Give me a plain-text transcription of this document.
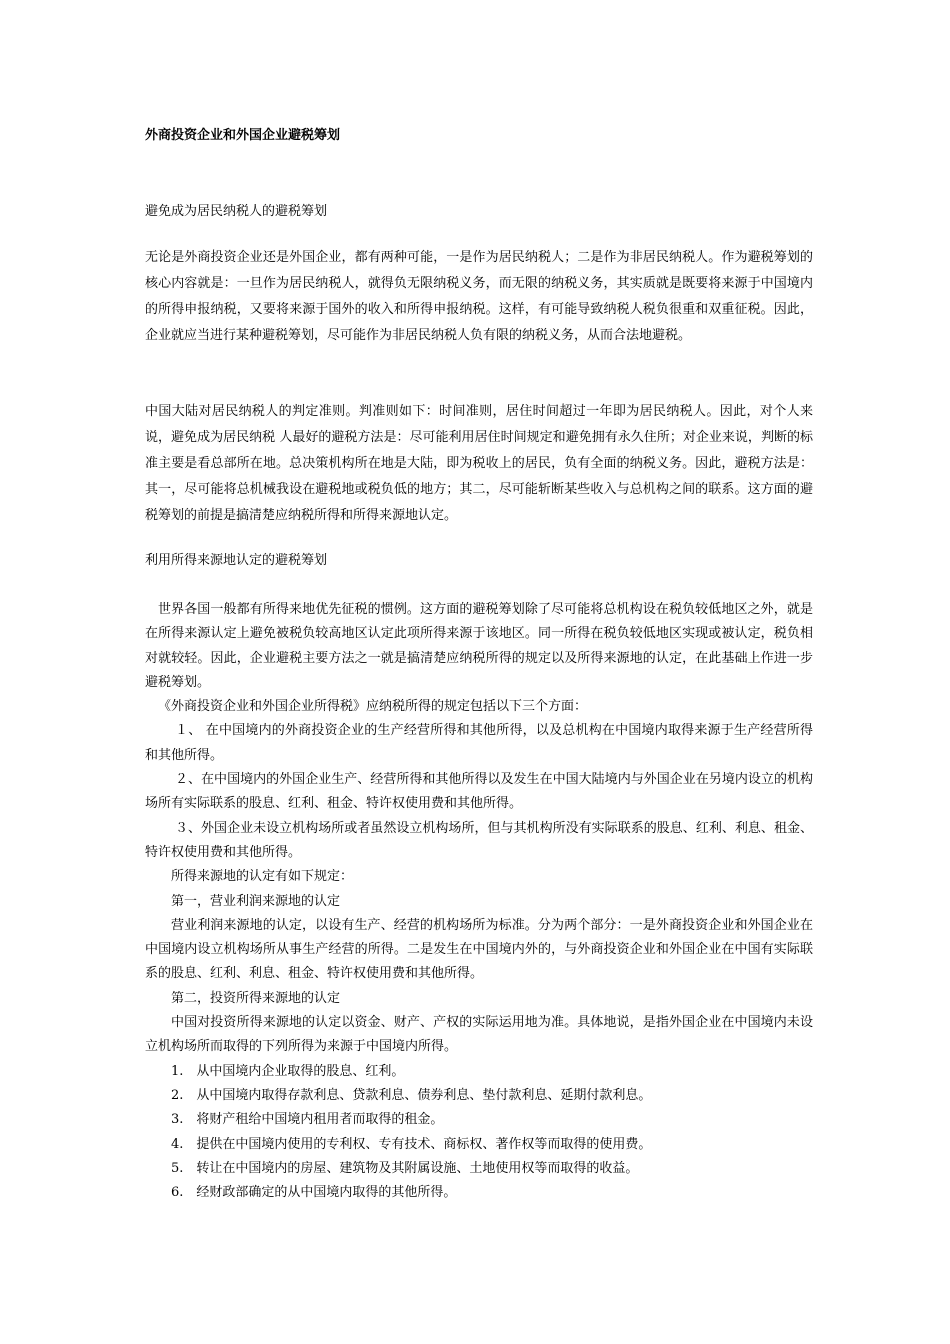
外商投资企业和外国企业避税筹划
避免成为居民纳税人的避税筹划
无论是外商投资企业还是外国企业，都有两种可能，一是作为居民纳税人；二是作为非居民纳税人。作为避税筹划的核心内容就是：一旦作为居民纳税人，就得负无限纳税义务，而无限的纳税义务，其实质就是既要将来源于中国境内的所得申报纳税，又要将来源于国外的收入和所得申报纳税。这样，有可能导致纳税人税负很重和双重征税。因此，企业就应当进行某种避税筹划，尽可能作为非居民纳税人负有限的纳税义务，从而合法地避税。
中国大陆对居民纳税人的判定准则。判准则如下：时间准则，居住时间超过一年即为居民纳税人。因此，对个人来说，避免成为居民纳税 人最好的避税方法是：尽可能利用居住时间规定和避免拥有永久住所；对企业来说，判断的标准主要是看总部所在地。总决策机构所在地是大陆，即为税收上的居民，负有全面的纳税义务。因此，避税方法是：其一，尽可能将总机械我设在避税地或税负低的地方；其二，尽可能斩断某些收入与总机构之间的联系。这方面的避税筹划的前提是搞清楚应纳税所得和所得来源地认定。
利用所得来源地认定的避税筹划

世界各国一般都有所得来地优先征税的惯例。这方面的避税筹划除了尽可能将总机构设在税负较低地区之外，就是在所得来源认定上避免被税负较高地区认定此项所得来源于该地区。同一所得在税负较低地区实现或被认定，税负相对就较轻。因此，企业避税主要方法之一就是搞清楚应纳税所得的规定以及所得来源地的认定，在此基础上作进一步避税筹划。

《外商投资企业和外国企业所得税》应纳税所得的规定包括以下三个方面：

１、 在中国境内的外商投资企业的生产经营所得和其他所得，以及总机构在中国境内取得来源于生产经营所得和其他所得。

２、在中国境内的外国企业生产、经营所得和其他所得以及发生在中国大陆境内与外国企业在另境内设立的机构场所有实际联系的股息、红利、租金、特许权使用费和其他所得。

３、外国企业未设立机构场所或者虽然设立机构场所，但与其机构所没有实际联系的股息、红利、利息、租金、特许权使用费和其他所得。

所得来源地的认定有如下规定：

第一，营业利润来源地的认定

营业利润来源地的认定，以设有生产、经营的机构场所为标准。分为两个部分：一是外商投资企业和外国企业在中国境内设立机构场所从事生产经营的所得。二是发生在中国境内外的，与外商投资企业和外国企业在中国有实际联系的股息、红利、利息、租金、特许权使用费和其他所得。

第二，投资所得来源地的认定

中国对投资所得来源地的认定以资金、财产、产权的实际运用地为准。具体地说，是指外国企业在中国境内未设立机构场所而取得的下列所得为来源于中国境内所得。

1.　从中国境内企业取得的股息、红利。

2.　从中国境内取得存款利息、贷款利息、债券利息、垫付款利息、延期付款利息。

3.　将财产租给中国境内租用者而取得的租金。

4.　提供在中国境内使用的专利权、专有技术、商标权、著作权等而取得的使用费。

5.　转让在中国境内的房屋、建筑物及其附属设施、土地使用权等而取得的收益。

6.　经财政部确定的从中国境内取得的其他所得。
